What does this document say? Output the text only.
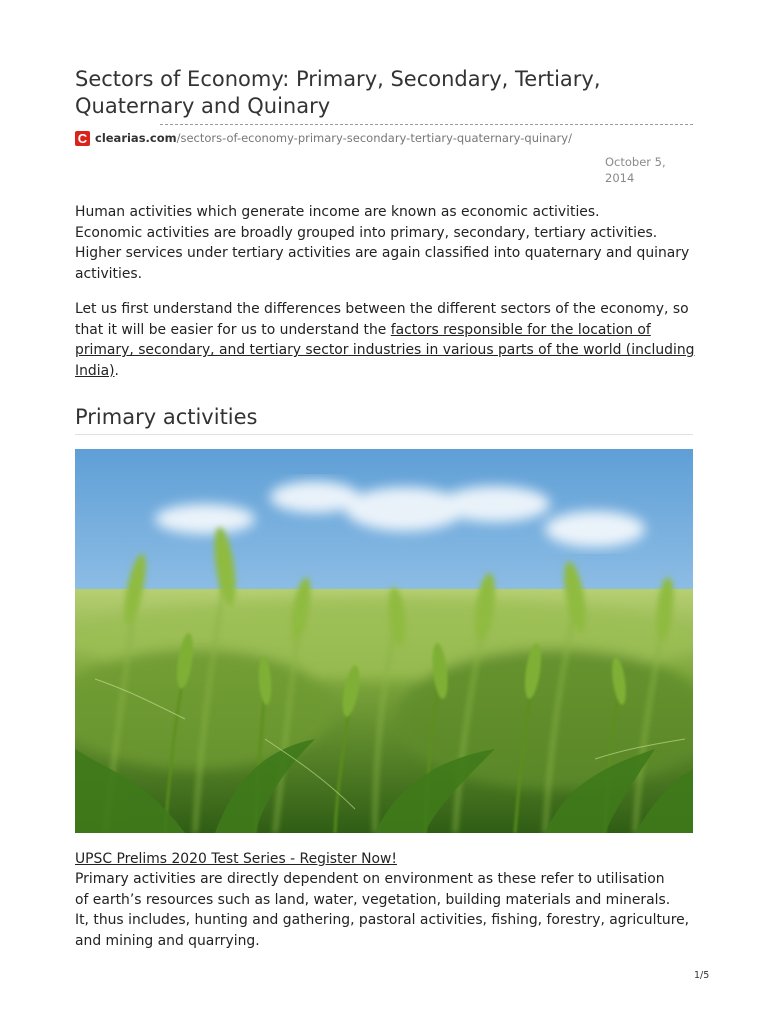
Sectors of Economy: Primary, Secondary, Tertiary, Quaternary and Quinary
C clearias.com /sectors-of-economy-primary-secondary-tertiary-quaternary-quinary/
October 5, 2014

Human activities which generate income are known as economic activities.
Economic activities are broadly grouped into primary, secondary, tertiary activities.
Higher services under tertiary activities are again classified into quaternary and quinary activities.

Let us first understand the differences between the different sectors of the economy, so that it will be easier for us to understand the factors responsible for the location of primary, secondary, and tertiary sector industries in various parts of the world (including India).

Primary activities
UPSC Prelims 2020 Test Series - Register Now!

Primary activities are directly dependent on environment as these refer to utilisation
of earth’s resources such as land, water, vegetation, building materials and minerals.
It, thus includes, hunting and gathering, pastoral activities, fishing, forestry, agriculture, and mining and quarrying.

1/5
